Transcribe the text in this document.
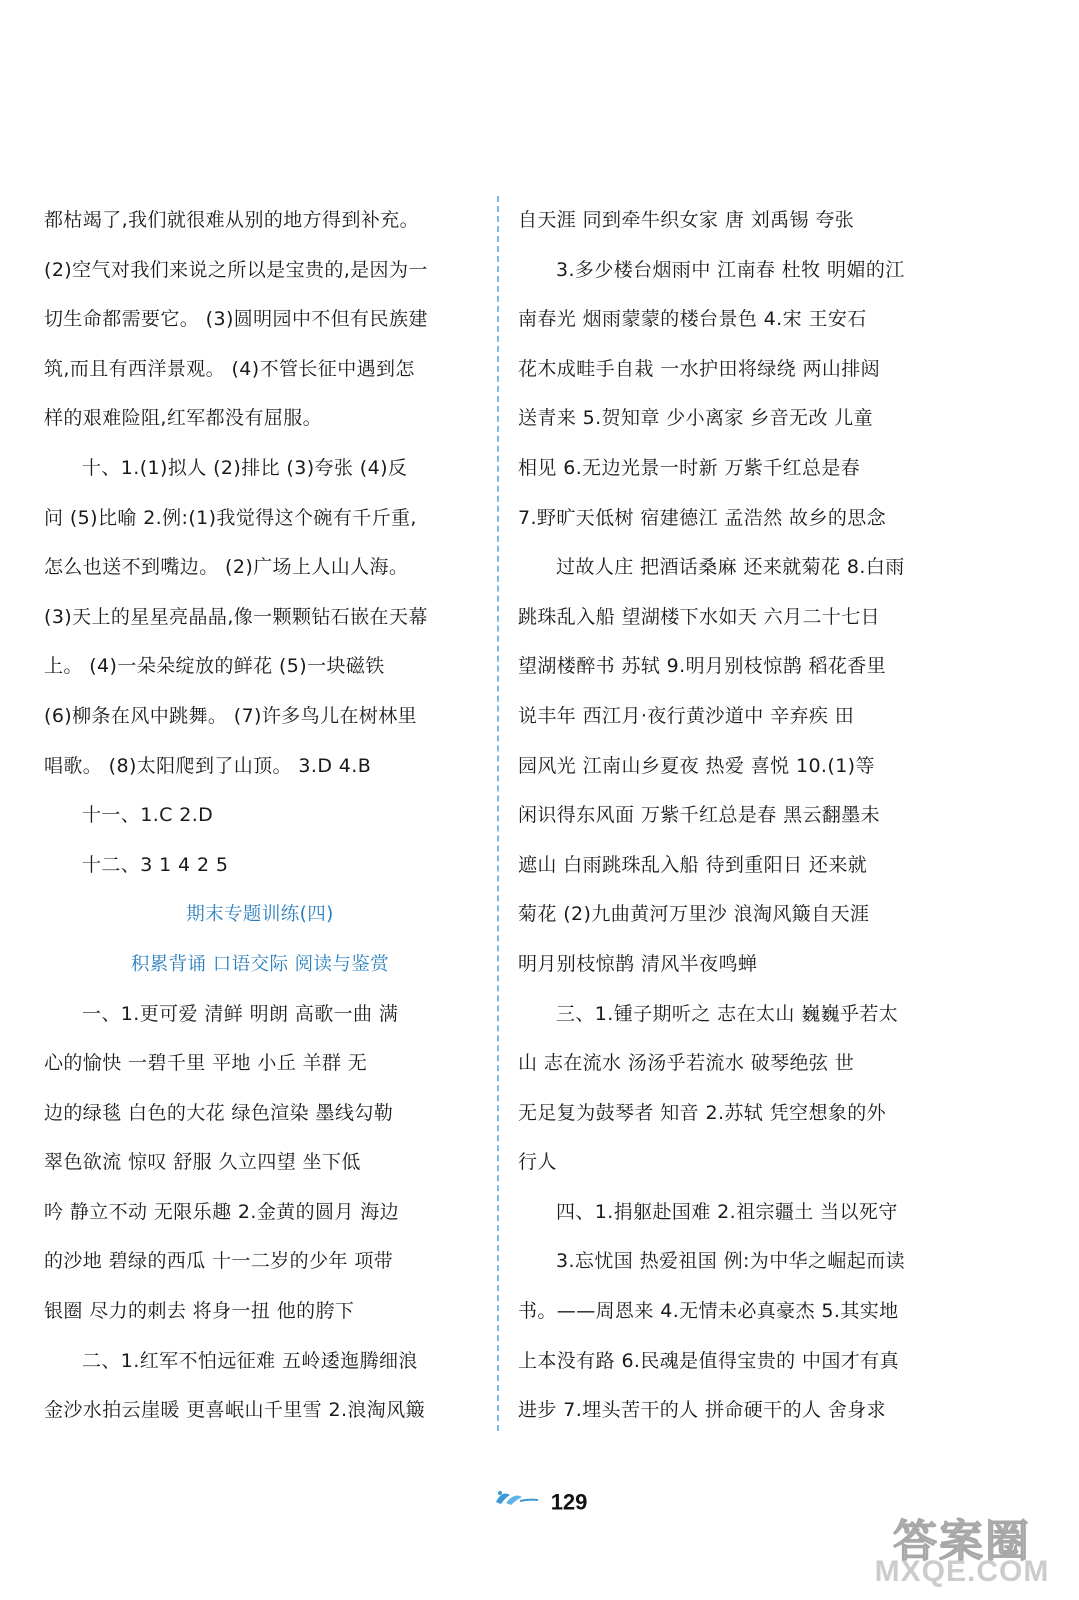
都枯竭了,我们就很难从别的地方得到补充。
(2)空气对我们来说之所以是宝贵的,是因为一
切生命都需要它。 (3)圆明园中不但有民族建
筑,而且有西洋景观。 (4)不管长征中遇到怎
样的艰难险阻,红军都没有屈服。
十、1.(1)拟人 (2)排比 (3)夸张 (4)反
问 (5)比喻 2.例:(1)我觉得这个碗有千斤重,
怎么也送不到嘴边。 (2)广场上人山人海。
(3)天上的星星亮晶晶,像一颗颗钻石嵌在天幕
上。 (4)一朵朵绽放的鲜花 (5)一块磁铁
(6)柳条在风中跳舞。 (7)许多鸟儿在树林里
唱歌。 (8)太阳爬到了山顶。 3.D 4.B
十一、1.C 2.D
十二、3 1 4 2 5
期末专题训练(四)
积累背诵 口语交际 阅读与鉴赏
一、1.更可爱 清鲜 明朗 高歌一曲 满
心的愉快 一碧千里 平地 小丘 羊群 无
边的绿毯 白色的大花 绿色渲染 墨线勾勒
翠色欲流 惊叹 舒服 久立四望 坐下低
吟 静立不动 无限乐趣 2.金黄的圆月 海边
的沙地 碧绿的西瓜 十一二岁的少年 项带
银圈 尽力的刺去 将身一扭 他的胯下
二、1.红军不怕远征难 五岭逶迤腾细浪
金沙水拍云崖暖 更喜岷山千里雪 2.浪淘风簸
自天涯 同到牵牛织女家 唐 刘禹锡 夸张
3.多少楼台烟雨中 江南春 杜牧 明媚的江
南春光 烟雨蒙蒙的楼台景色 4.宋 王安石
花木成畦手自栽 一水护田将绿绕 两山排闼
送青来 5.贺知章 少小离家 乡音无改 儿童
相见 6.无边光景一时新 万紫千红总是春
7.野旷天低树 宿建德江 孟浩然 故乡的思念
过故人庄 把酒话桑麻 还来就菊花 8.白雨
跳珠乱入船 望湖楼下水如天 六月二十七日
望湖楼醉书 苏轼 9.明月别枝惊鹊 稻花香里
说丰年 西江月·夜行黄沙道中 辛弃疾 田
园风光 江南山乡夏夜 热爱 喜悦 10.(1)等
闲识得东风面 万紫千红总是春 黑云翻墨未
遮山 白雨跳珠乱入船 待到重阳日 还来就
菊花 (2)九曲黄河万里沙 浪淘风簸自天涯
明月别枝惊鹊 清风半夜鸣蝉
三、1.锺子期听之 志在太山 巍巍乎若太
山 志在流水 汤汤乎若流水 破琴绝弦 世
无足复为鼓琴者 知音 2.苏轼 凭空想象的外
行人
四、1.捐躯赴国难 2.祖宗疆土 当以死守
3.忘忧国 热爱祖国 例:为中华之崛起而读
书。——周恩来 4.无情未必真豪杰 5.其实地
上本没有路 6.民魂是值得宝贵的 中国才有真
进步 7.埋头苦干的人 拼命硬干的人 舍身求
129
答案圈
MXQE.COM
